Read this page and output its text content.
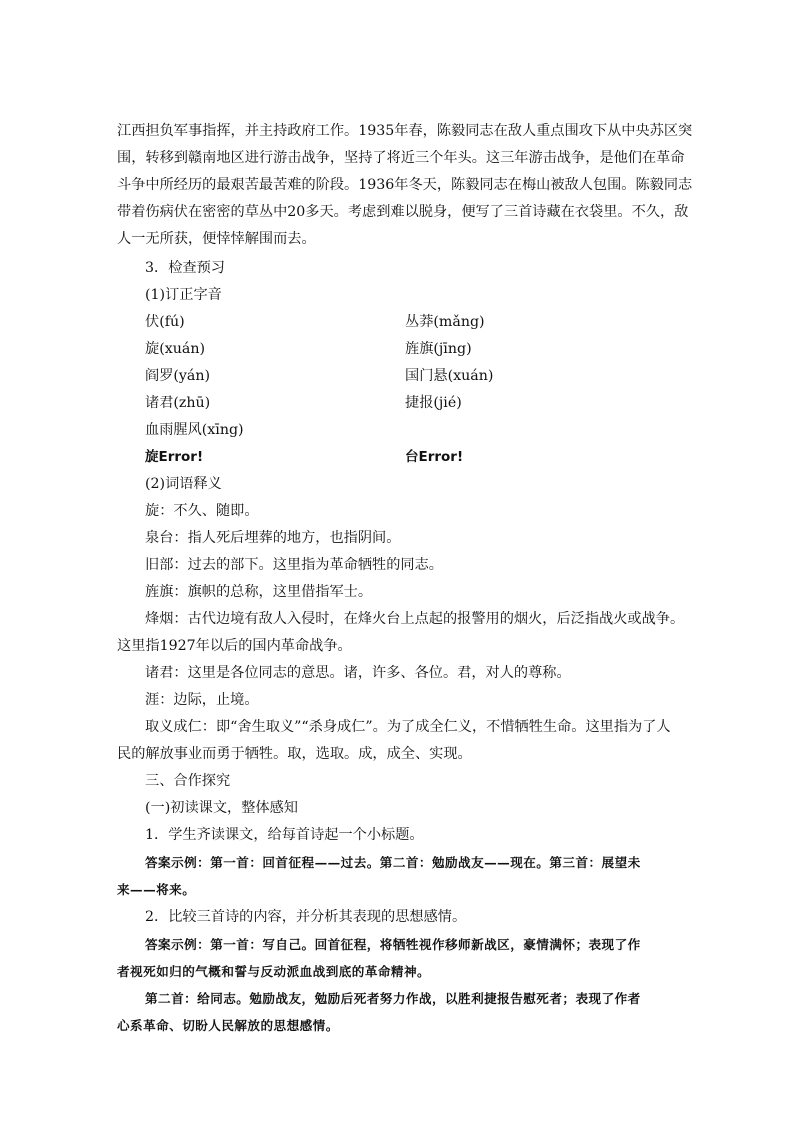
江西担负军事指挥，并主持政府工作。1935年春，陈毅同志在敌人重点围攻下从中央苏区突
围，转移到赣南地区进行游击战争，坚持了将近三个年头。这三年游击战争，是他们在革命
斗争中所经历的最艰苦最苦难的阶段。1936年冬天，陈毅同志在梅山被敌人包围。陈毅同志
带着伤病伏在密密的草丛中20多天。考虑到难以脱身，便写了三首诗藏在衣袋里。不久，敌
人一无所获，便悻悻解围而去。
3．检查预习
(1)订正字音
伏(fú)	丛莽(mǎng)
旋(xuán)	旌旗(jīng)
阎罗(yán)	国门悬(xuán)
诸君(zhū)	捷报(jié)
血雨腥风(xīng)
旋Error!	台Error!
(2)词语释义
旋：不久、随即。
泉台：指人死后埋葬的地方，也指阴间。
旧部：过去的部下。这里指为革命牺牲的同志。
旌旗：旗帜的总称，这里借指军士。
烽烟：古代边境有敌人入侵时，在烽火台上点起的报警用的烟火，后泛指战火或战争。
这里指1927年以后的国内革命战争。
诸君：这里是各位同志的意思。诸，许多、各位。君，对人的尊称。
涯：边际，止境。
取义成仁：即“舍生取义”“杀身成仁”。为了成全仁义，不惜牺牲生命。这里指为了人
民的解放事业而勇于牺牲。取，选取。成，成全、实现。
三、合作探究
(一)初读课文，整体感知
1．学生齐读课文，给每首诗起一个小标题。
答案示例：第一首：回首征程——过去。第二首：勉励战友——现在。第三首：展望未
来——将来。
2．比较三首诗的内容，并分析其表现的思想感情。
答案示例：第一首：写自己。回首征程，将牺牲视作移师新战区，豪情满怀；表现了作
者视死如归的气概和誓与反动派血战到底的革命精神。
第二首：给同志。勉励战友，勉励后死者努力作战，以胜利捷报告慰死者；表现了作者
心系革命、切盼人民解放的思想感情。
